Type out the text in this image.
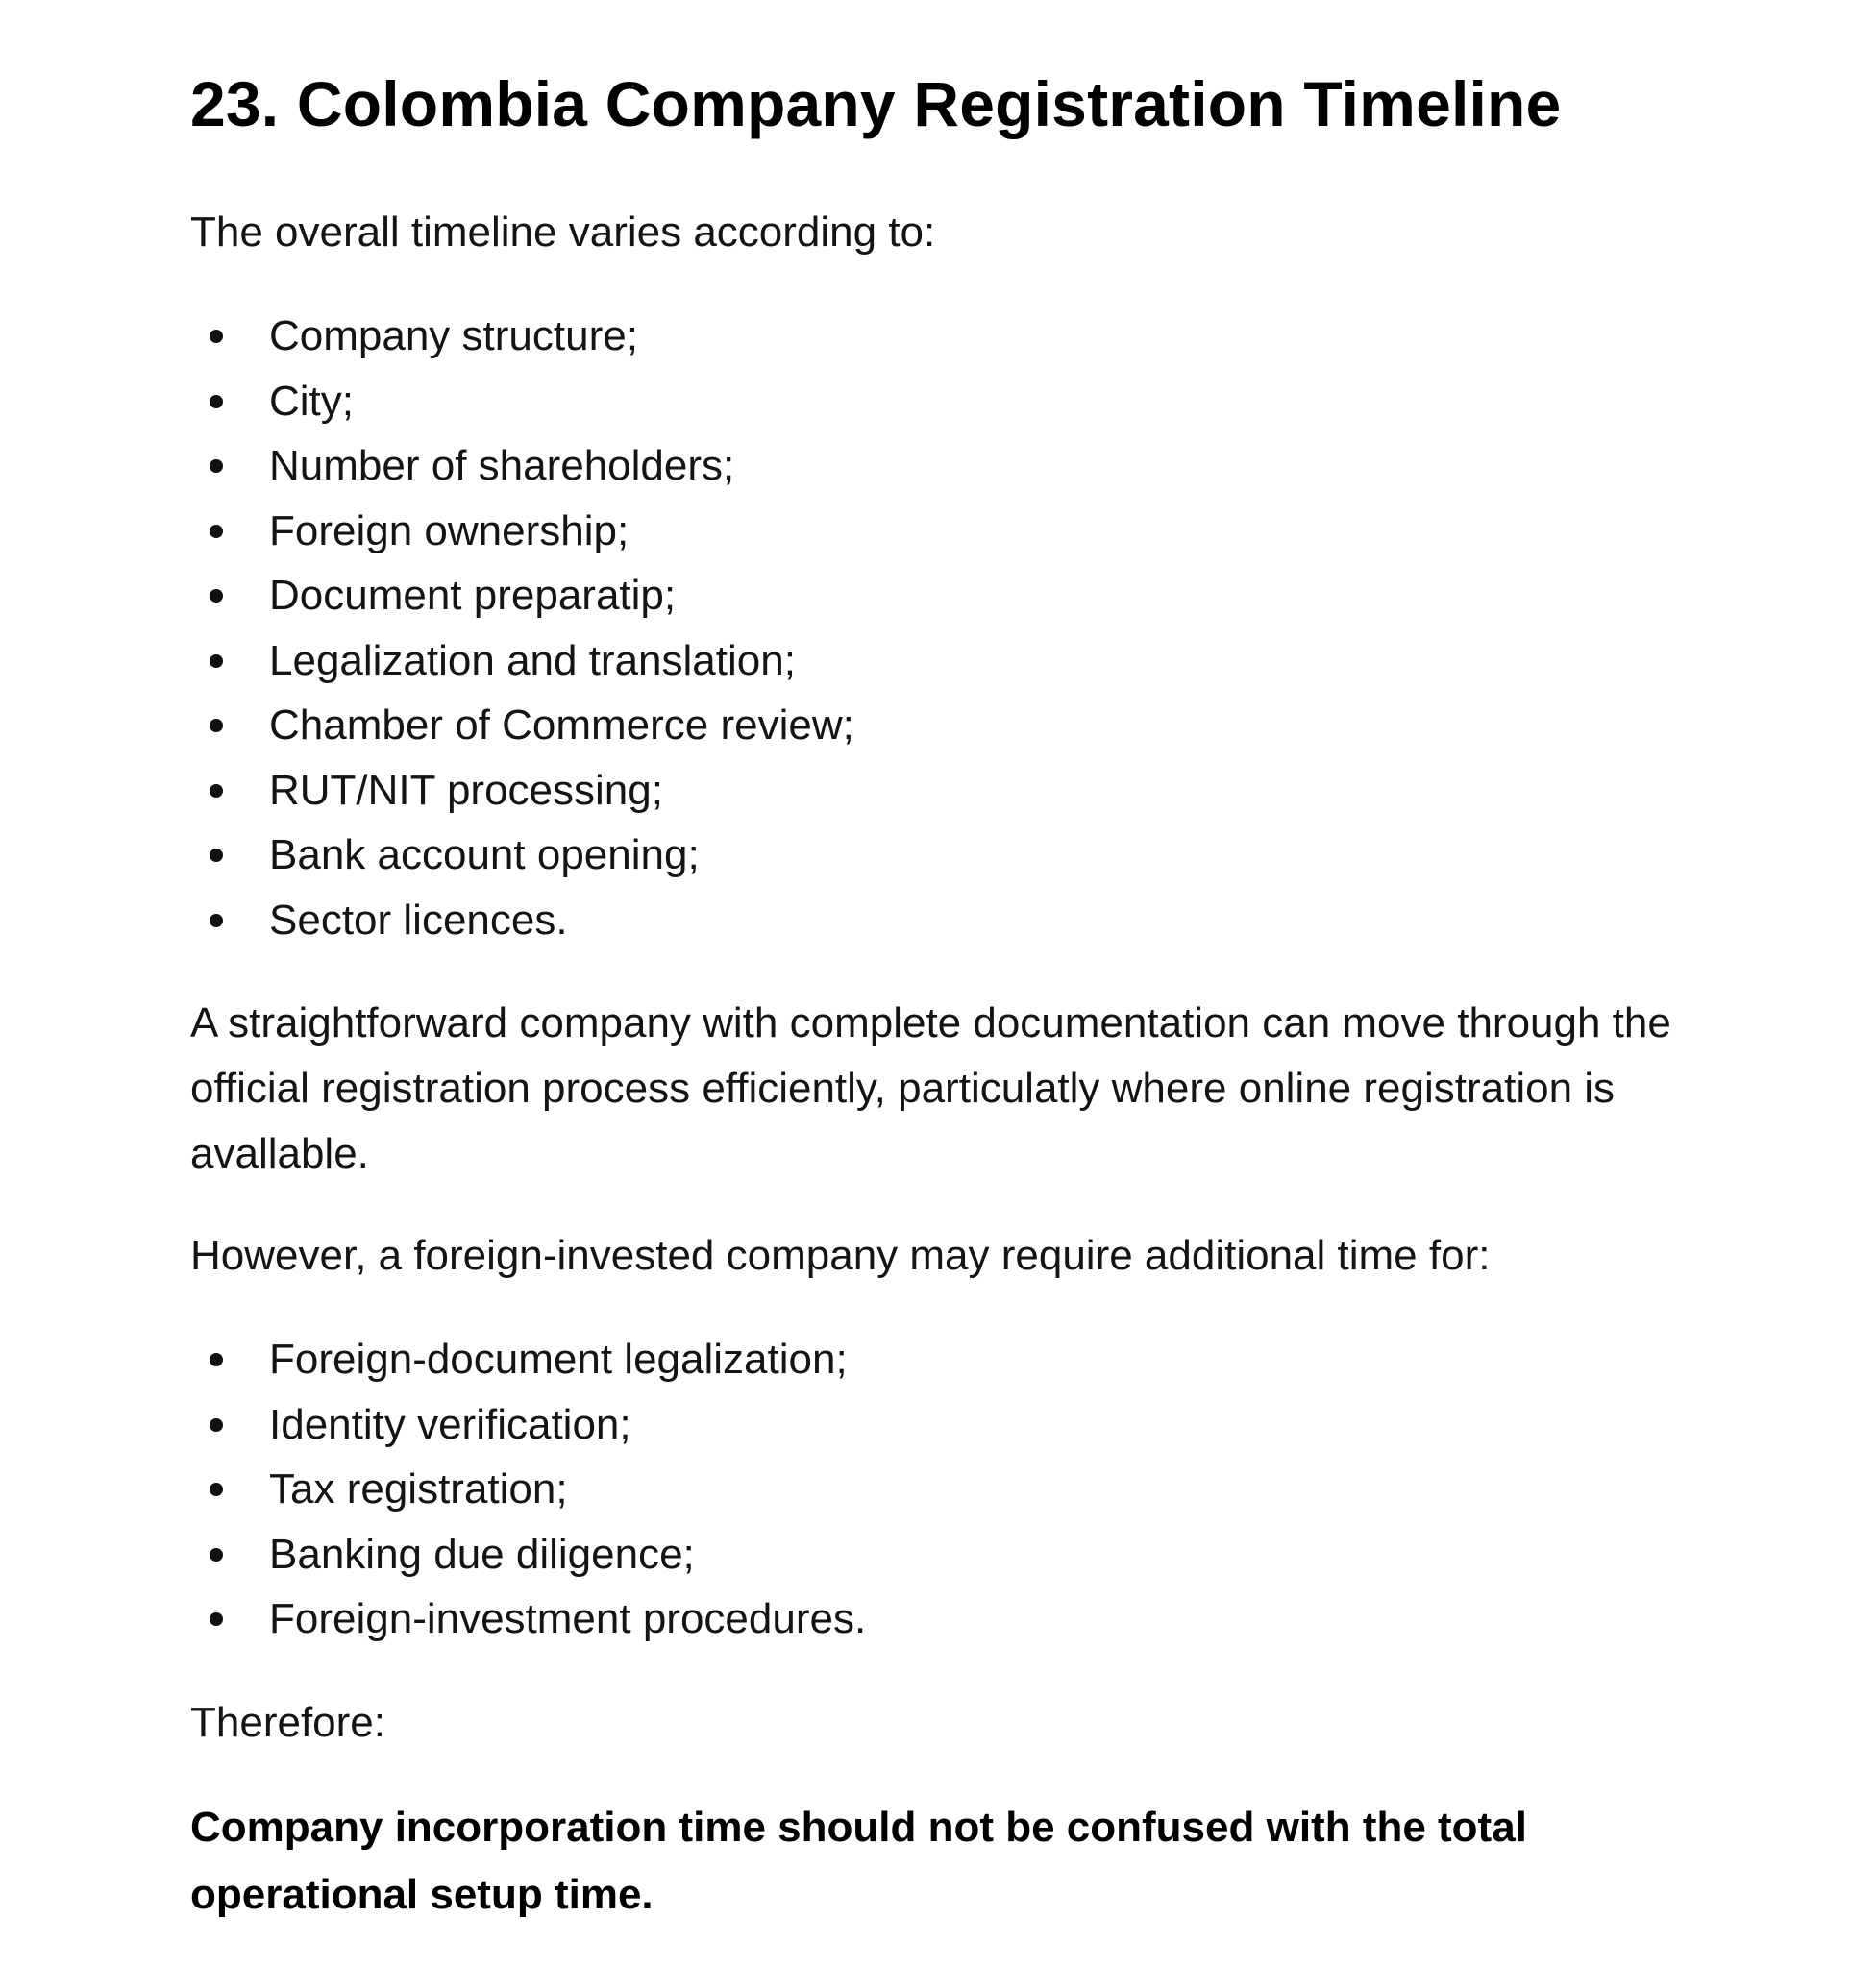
23. Colombia Company Registration Timeline

The overall timeline varies according to:

Company structure;
City;
Number of shareholders;
Foreign ownership;
Document preparatip;
Legalization and translation;
Chamber of Commerce review;
RUT/NIT processing;
Bank account opening;
Sector licences.

A straightforward company with complete documentation can move through the official registration process efficiently, particulatly where online registration is avallable.

However, a foreign-invested company may require additional time for:

Foreign-document legalization;
Identity verification;
Tax registration;
Banking due diligence;
Foreign-investment procedures.

Therefore:

Company incorporation time should not be confused with the total operational setup time.
